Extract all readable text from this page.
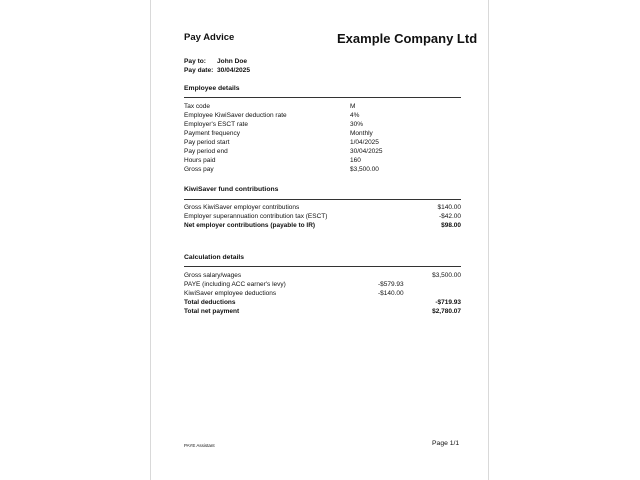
Pay Advice	Example Company Ltd
Pay to: John Doe
Pay date: 30/04/2025
Employee details
Tax code	M
Employee KiwiSaver deduction rate	4%
Employer's ESCT rate	30%
Payment frequency	Monthly
Pay period start	1/04/2025
Pay period end	30/04/2025
Hours paid	160
Gross pay	$3,500.00
KiwiSaver fund contributions
Gross KiwiSaver employer contributions	$140.00
Employer superannuation contribution tax (ESCT)	-$42.00
Net employer contributions (payable to IR)	$98.00
Calculation details
Gross salary/wages	$3,500.00
PAYE (including ACC earner's levy)	-$579.93
KiwiSaver employee deductions	-$140.00
Total deductions	-$719.93
Total net payment	$2,780.07
PAYE Assistant	Page 1/1
